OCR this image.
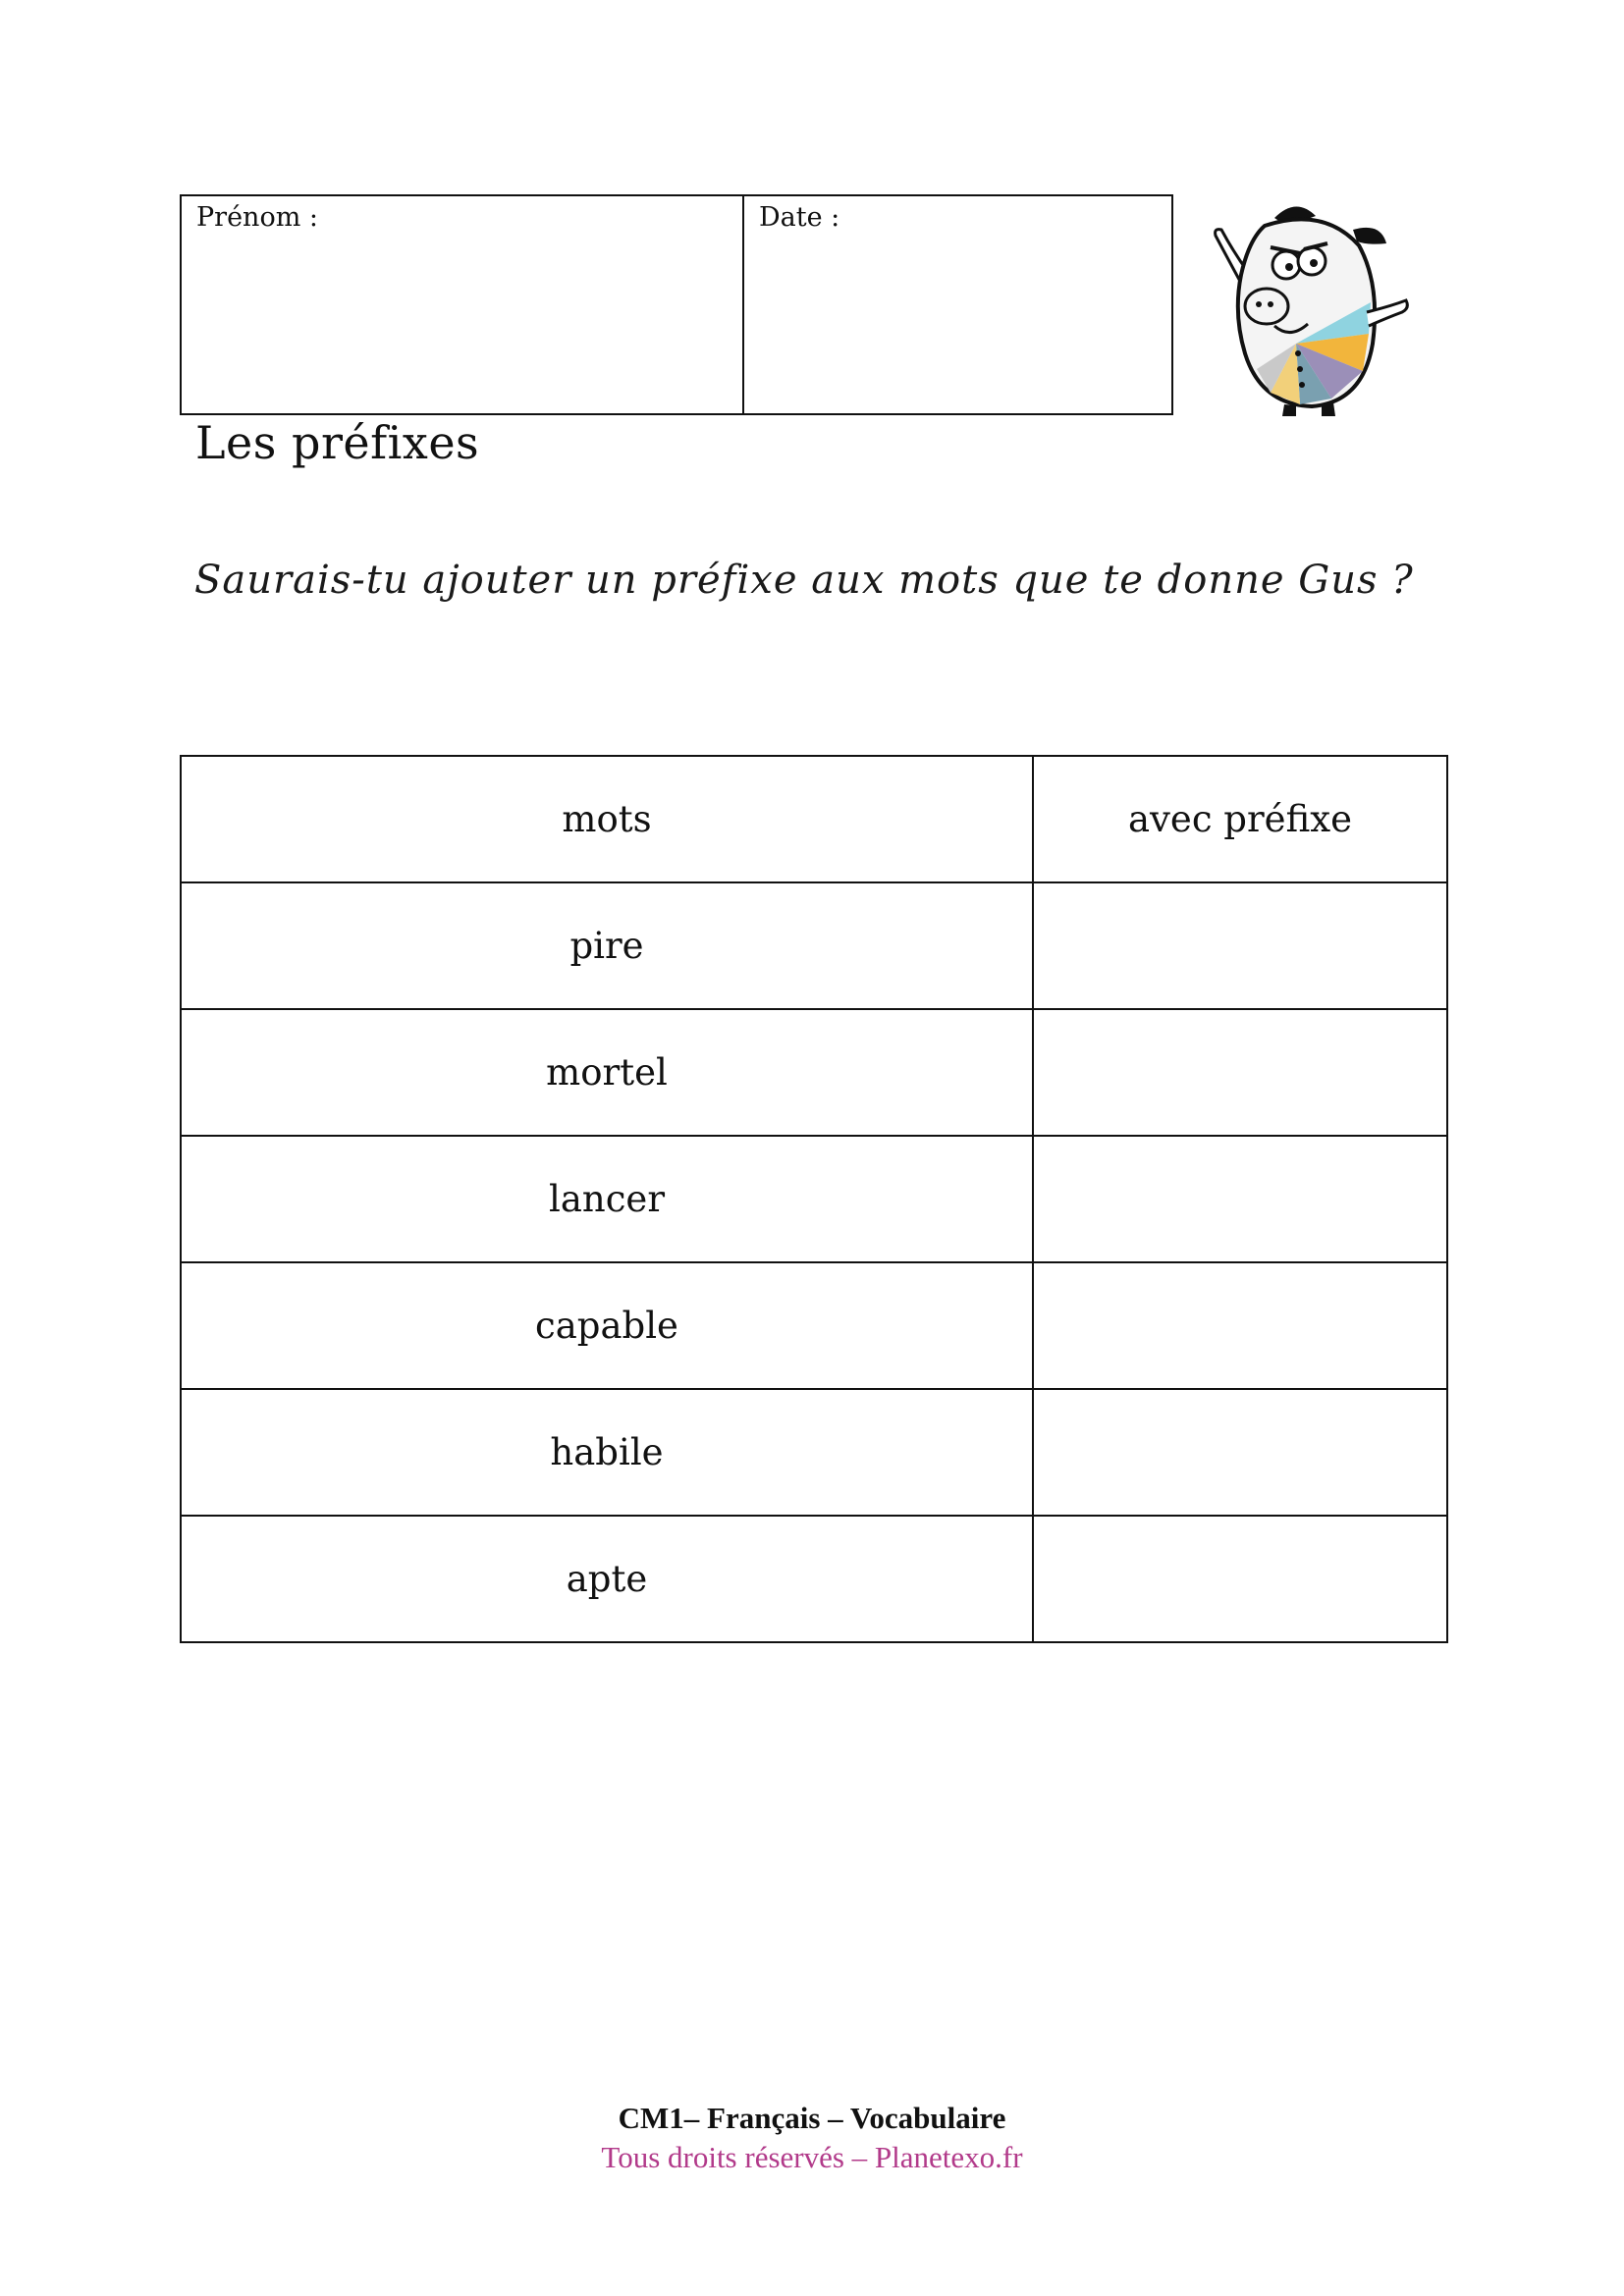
Prénom :	Date :
Les préfixes
Saurais-tu ajouter un préfixe aux mots que te donne Gus ?
mots	avec préfixe
pire	
mortel	
lancer	
capable	
habile	
apte	
CM1– Français – Vocabulaire
Tous droits réservés – Planetexo.fr
